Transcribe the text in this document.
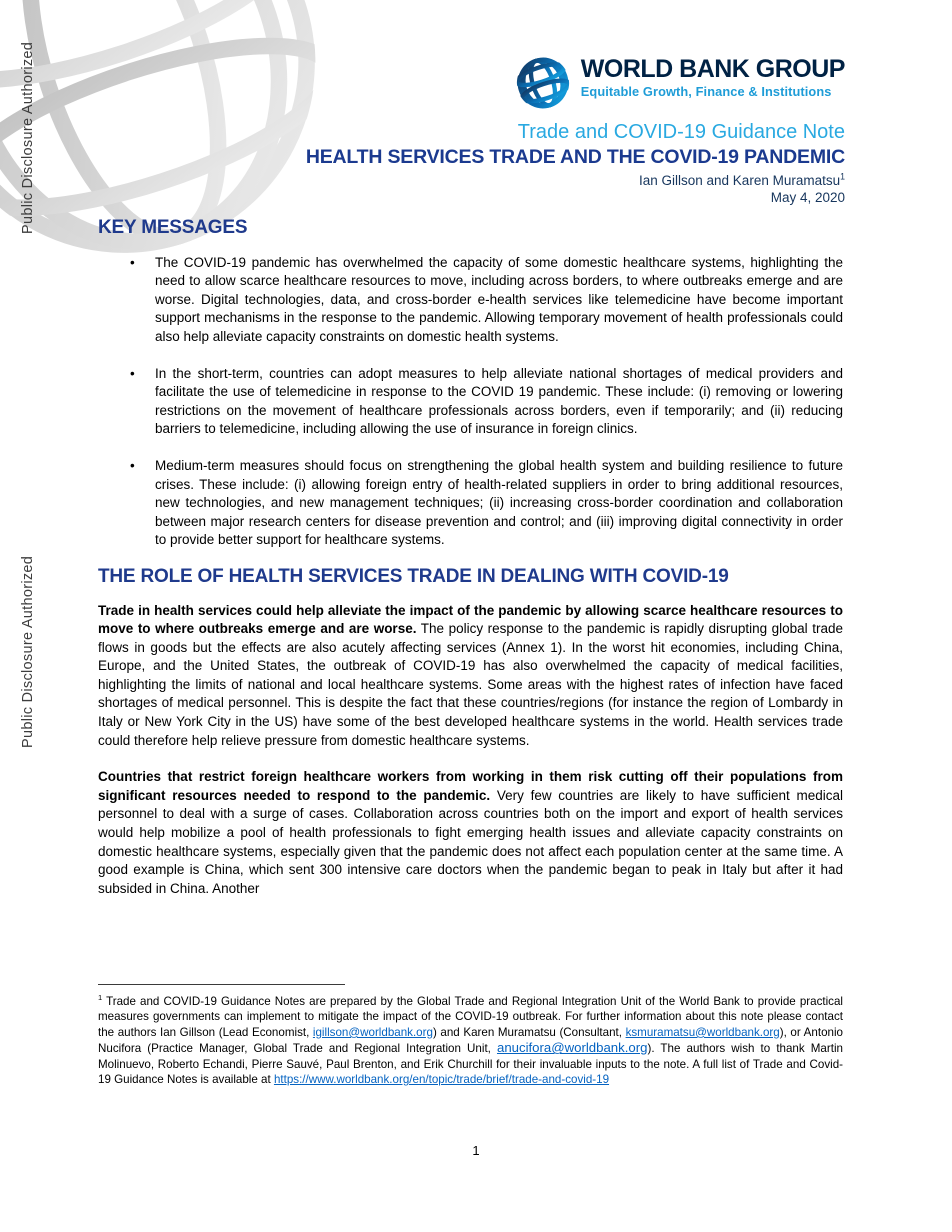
Public Disclosure Authorized
Public Disclosure Authorized
WORLD BANK GROUP
Equitable Growth, Finance & Institutions
Trade and COVID-19 Guidance Note
HEALTH SERVICES TRADE AND THE COVID-19 PANDEMIC
Ian Gillson and Karen Muramatsu$^1$
May 4, 2020
KEY MESSAGES
• The COVID-19 pandemic has overwhelmed the capacity of some domestic healthcare systems, highlighting the need to allow scarce healthcare resources to move, including across borders, to where outbreaks emerge and are worse. Digital technologies, data, and cross-border e-health services like telemedicine have become important support mechanisms in the response to the pandemic. Allowing temporary movement of health professionals could also help alleviate capacity constraints on domestic health systems.
• In the short-term, countries can adopt measures to help alleviate national shortages of medical providers and facilitate the use of telemedicine in response to the COVID 19 pandemic. These include: (i) removing or lowering restrictions on the movement of healthcare professionals across borders, even if temporarily; and (ii) reducing barriers to telemedicine, including allowing the use of insurance in foreign clinics.
• Medium-term measures should focus on strengthening the global health system and building resilience to future crises. These include: (i) allowing foreign entry of health-related suppliers in order to bring additional resources, new technologies, and new management techniques; (ii) increasing cross-border coordination and collaboration between major research centers for disease prevention and control; and (iii) improving digital connectivity in order to provide better support for healthcare systems.
THE ROLE OF HEALTH SERVICES TRADE IN DEALING WITH COVID-19

Trade in health services could help alleviate the impact of the pandemic by allowing scarce healthcare resources to move to where outbreaks emerge and are worse. The policy response to the pandemic is rapidly disrupting global trade flows in goods but the effects are also acutely affecting services (Annex 1). In the worst hit economies, including China, Europe, and the United States, the outbreak of COVID-19 has also overwhelmed the capacity of medical facilities, highlighting the limits of national and local healthcare systems. Some areas with the highest rates of infection have faced shortages of medical personnel. This is despite the fact that these countries/regions (for instance the region of Lombardy in Italy or New York City in the US) have some of the best developed healthcare systems in the world. Health services trade could therefore help relieve pressure from domestic healthcare systems.

Countries that restrict foreign healthcare workers from working in them risk cutting off their populations from significant resources needed to respond to the pandemic. Very few countries are likely to have sufficient medical personnel to deal with a surge of cases. Collaboration across countries both on the import and export of health services would help mobilize a pool of health professionals to fight emerging health issues and alleviate capacity constraints on domestic healthcare systems, especially given that the pandemic does not affect each population center at the same time. A good example is China, which sent 300 intensive care doctors when the pandemic began to peak in Italy but after it had subsided in China. Another

$^1$ Trade and COVID-19 Guidance Notes are prepared by the Global Trade and Regional Integration Unit of the World Bank to provide practical measures governments can implement to mitigate the impact of the COVID-19 outbreak. For further information about this note please contact the authors Ian Gillson (Lead Economist, igillson@worldbank.org) and Karen Muramatsu (Consultant, ksmuramatsu@worldbank.org), or Antonio Nucifora (Practice Manager, Global Trade and Regional Integration Unit, anucifora@worldbank.org). The authors wish to thank Martin Molinuevo, Roberto Echandi, Pierre Sauvé, Paul Brenton, and Erik Churchill for their invaluable inputs to the note. A full list of Trade and Covid-19 Guidance Notes is available at https://www.worldbank.org/en/topic/trade/brief/trade-and-covid-19
1
